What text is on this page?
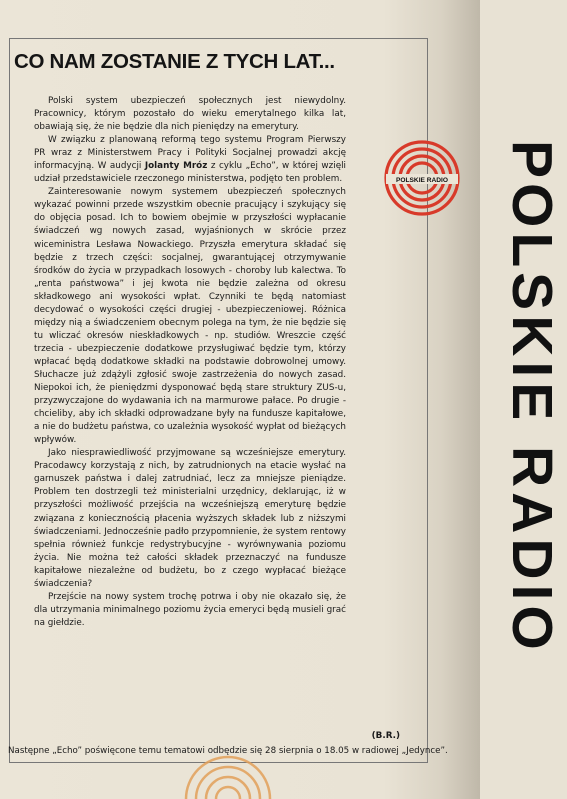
CO NAM ZOSTANIE Z TYCH LAT...

Polski system ubezpieczeń społecznych jest niewydolny. Pracownicy, którym pozostało do wieku emerytalnego kilka lat, obawiają się, że nie będzie dla nich pieniędzy na emerytury.

W związku z planowaną reformą tego systemu Program Pierwszy PR wraz z Ministerstwem Pracy i Polityki Socjalnej prowadzi akcję informacyjną. W audycji Jolanty Mróz z cyklu „Echo”, w której wzięli udział przedstawiciele rzeczonego ministerstwa, podjęto ten problem.

Zainteresowanie nowym systemem ubezpieczeń społecznych wykazać powinni przede wszystkim obecnie pracujący i szykujący się do objęcia posad. Ich to bowiem obejmie w przyszłości wypłacanie świadczeń wg nowych zasad, wyjaśnionych w skrócie przez wiceministra Lesława Nowackiego. Przyszła emerytura składać się będzie z trzech części: socjalnej, gwarantującej otrzymywanie środków do życia w przypadkach losowych - choroby lub kalectwa. To „renta państwowa” i jej kwota nie będzie zależna od okresu składkowego ani wysokości wpłat. Czynniki te będą natomiast decydować o wysokości części drugiej - ubezpieczeniowej. Różnica między nią a świadczeniem obecnym polega na tym, że nie będzie się tu wliczać okresów nieskładkowych - np. studiów. Wreszcie część trzecia - ubezpieczenie dodatkowe przysługiwać będzie tym, którzy wpłacać będą dodatkowe składki na podstawie dobrowolnej umowy. Słuchacze już zdążyli zgłosić swoje zastrzeżenia do nowych zasad. Niepokoi ich, że pieniędzmi dysponować będą stare struktury ZUS-u, przyzwyczajone do wydawania ich na marmurowe pałace. Po drugie - chcieliby, aby ich składki odprowadzane były na fundusze kapitałowe, a nie do budżetu państwa, co uzależnia wysokość wypłat od bieżących wpływów.

Jako niesprawiedliwość przyjmowane są wcześniejsze emerytury. Pracodawcy korzystają z nich, by zatrudnionych na etacie wysłać na garnuszek państwa i dalej zatrudniać, lecz za mniejsze pieniądze. Problem ten dostrzegli też ministerialni urzędnicy, deklarując, iż w przyszłości możliwość przejścia na wcześniejszą emeryturę będzie związana z koniecznością płacenia wyższych składek lub z niższymi świadczeniami. Jednocześnie padło przypomnienie, że system rentowy spełnia również funkcje redystrybucyjne - wyrównywania poziomu życia. Nie można też całości składek przeznaczyć na fundusze kapitałowe niezależne od budżetu, bo z czego wypłacać bieżące świadczenia?

Przejście na nowy system trochę potrwa i oby nie okazało się, że dla utrzymania minimalnego poziomu życia emeryci będą musieli grać na giełdzie.

(B.R.)
Następne „Echo” poświęcone temu tematowi odbędzie się 28 sierpnia o 18.05 w radiowej „Jedynce”.
POLSKIE RADIO POLSKIE RADIO
